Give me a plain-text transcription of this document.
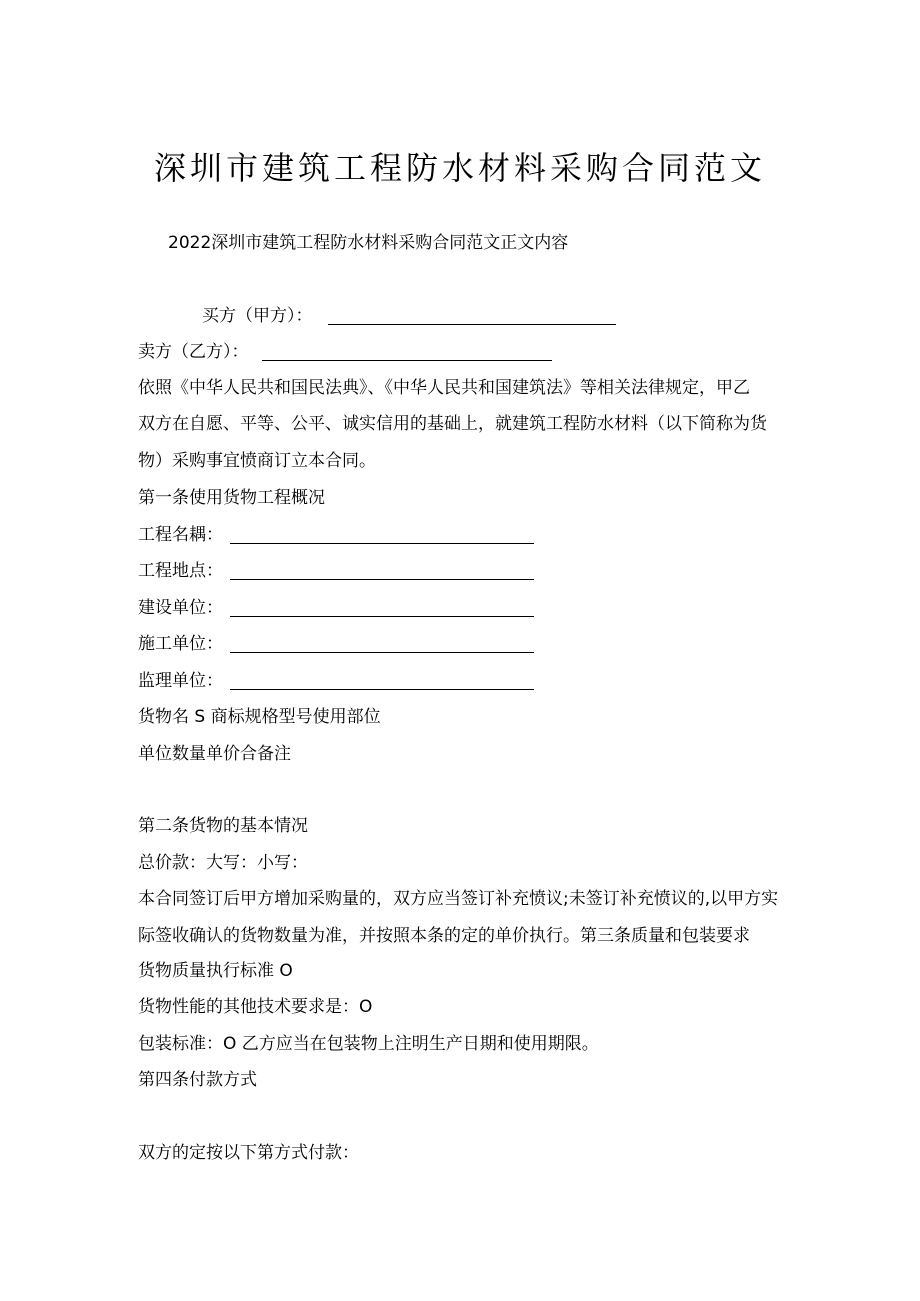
深圳市建筑工程防水材料采购合同范文
2022深圳市建筑工程防水材料采购合同范文正文内容
买方（甲方）：
卖方（乙方）：
依照《中华人民共和国民法典》、《中华人民共和国建筑法》等相关法律规定，甲乙
双方在自愿、平等、公平、诚实信用的基础上，就建筑工程防水材料（以下简称为货
物）采购事宜愤商订立本合同。
第一条使用货物工程概况
工程名耦：
工程地点：
建设单位：
施工单位：
监理单位：
货物名 S 商标规格型号使用部位
单位数量单价合备注
第二条货物的基本情况
总价款：大写：小写：
本合同签订后甲方增加采购量的，双方应当签订补充愤议;未签订补充愤议的,以甲方实
际签收确认的货物数量为准，并按照本条的定的单价执行。第三条质量和包装要求
货物质量执行标准 O
货物性能的其他技术要求是：O
包装标准：O 乙方应当在包装物上注明生产日期和使用期限。
第四条付款方式
双方的定按以下第方式付款：
